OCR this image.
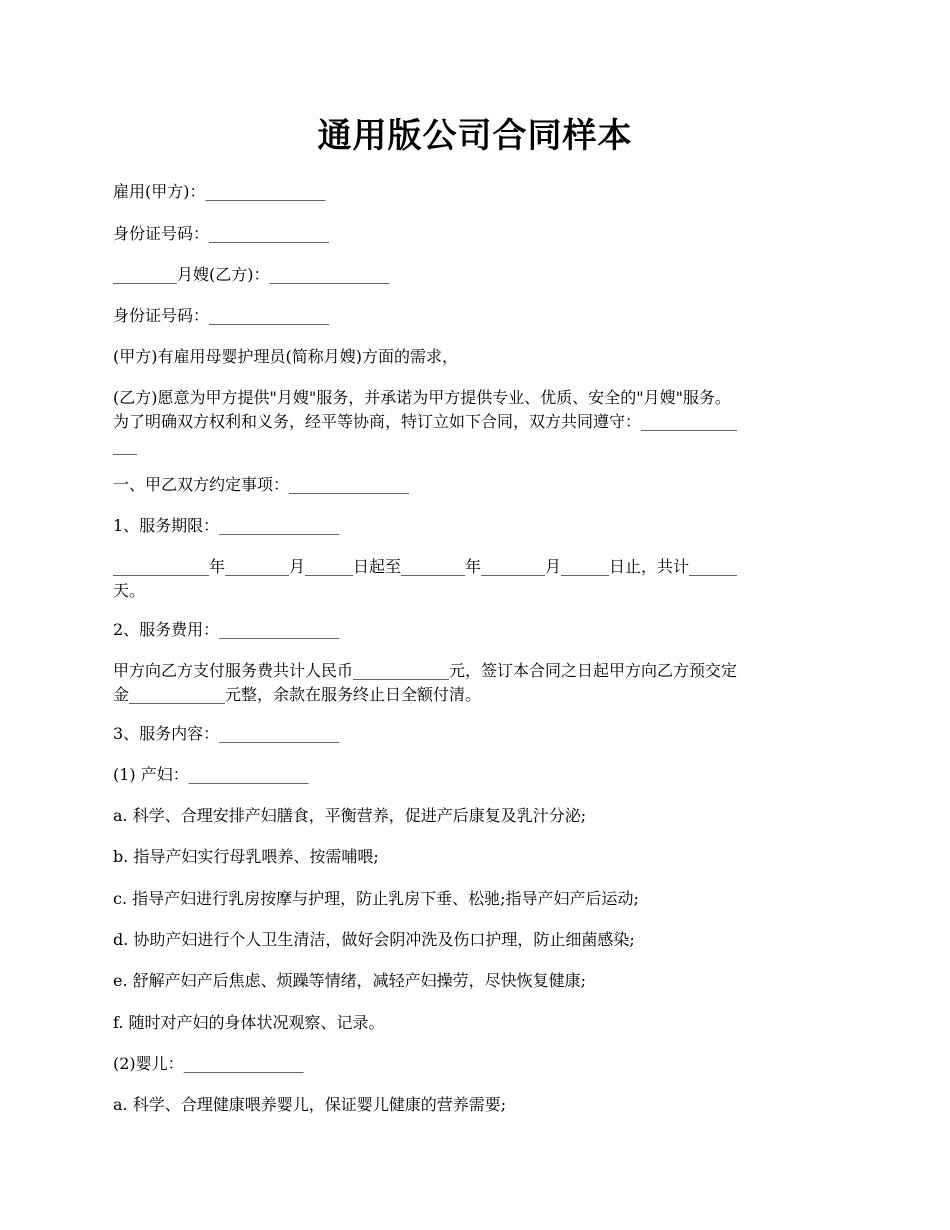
通用版公司合同样本
雇用(甲方)：_______________
身份证号码：_______________
________月嫂(乙方)：_______________
身份证号码：_______________
(甲方)有雇用母婴护理员(简称月嫂)方面的需求，
(乙方)愿意为甲方提供"月嫂"服务，并承诺为甲方提供专业、优质、安全的"月嫂"服务。
为了明确双方权利和义务，经平等协商，特订立如下合同，双方共同遵守：____________
___
一、甲乙双方约定事项：_______________
1、服务期限：_______________
____________年________月______日起至________年________月______日止，共计______
天。
2、服务费用：_______________
甲方向乙方支付服务费共计人民币____________元，签订本合同之日起甲方向乙方预交定
金____________元整，余款在服务终止日全额付清。
3、服务内容：_______________
(1) 产妇：_______________
a. 科学、合理安排产妇膳食，平衡营养，促进产后康复及乳汁分泌;
b. 指导产妇实行母乳喂养、按需哺喂;
c. 指导产妇进行乳房按摩与护理，防止乳房下垂、松驰;指导产妇产后运动;
d. 协助产妇进行个人卫生清洁，做好会阴冲洗及伤口护理，防止细菌感染;
e. 舒解产妇产后焦虑、烦躁等情绪，减轻产妇操劳，尽快恢复健康;
f. 随时对产妇的身体状况观察、记录。
(2)婴儿：_______________
a. 科学、合理健康喂养婴儿，保证婴儿健康的营养需要;
